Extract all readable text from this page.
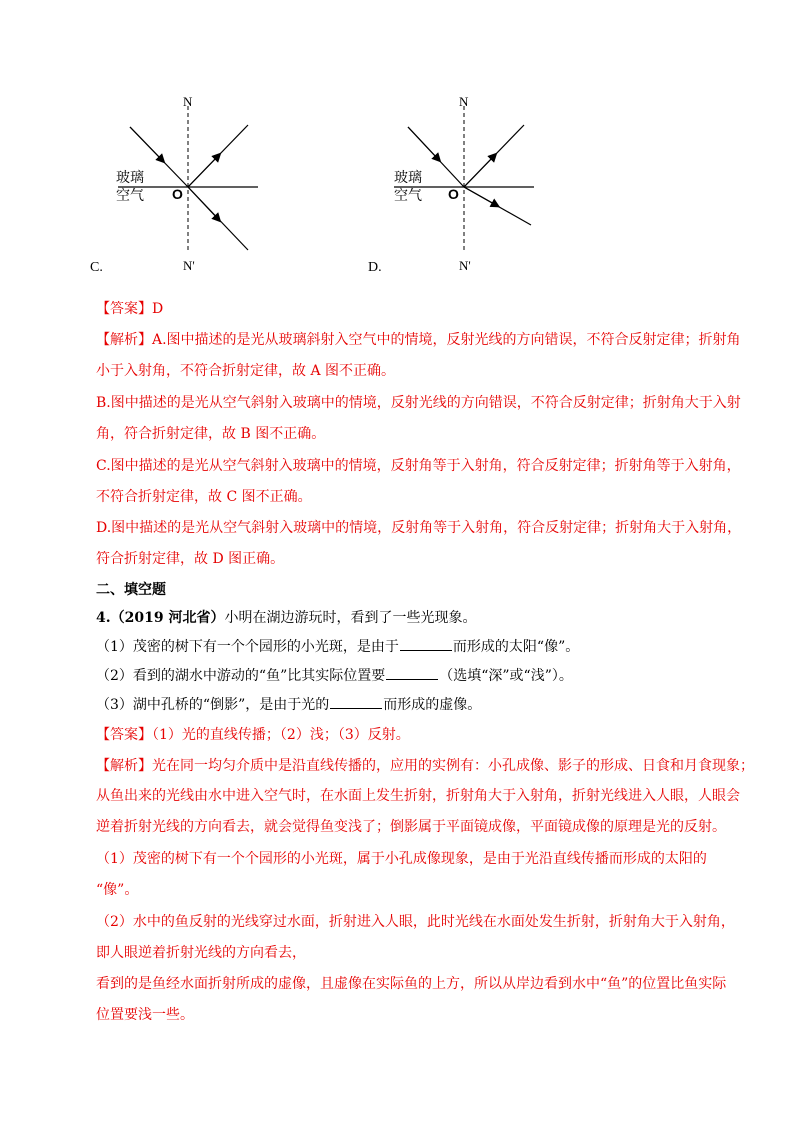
N
N'
玻璃
空气 O
C.
N
N'
玻璃
空气 O
D.
【答案】D
【解析】A.图中描述的是光从玻璃斜射入空气中的情境，反射光线的方向错误，不符合反射定律；折射角
小于入射角，不符合折射定律，故 A 图不正确。
B.图中描述的是光从空气斜射入玻璃中的情境，反射光线的方向错误，不符合反射定律；折射角大于入射
角，符合折射定律，故 B 图不正确。
C.图中描述的是光从空气斜射入玻璃中的情境，反射角等于入射角，符合反射定律；折射角等于入射角，
不符合折射定律，故 C 图不正确。
D.图中描述的是光从空气斜射入玻璃中的情境，反射角等于入射角，符合反射定律；折射角大于入射角，
符合折射定律，故 D 图正确。
二、填空题
4.（2019 河北省）小明在湖边游玩时，看到了一些光现象。
（1）茂密的树下有一个个园形的小光斑，是由于	而形成的太阳“像”。
（2）看到的湖水中游动的“鱼”比其实际位置要	（选填“深”或“浅”）。
（3）湖中孔桥的“倒影”，是由于光的	而形成的虚像。
【答案】（1）光的直线传播；（2）浅；（3）反射。
【解析】光在同一均匀介质中是沿直线传播的，应用的实例有：小孔成像、影子的形成、日食和月食现象；
从鱼出来的光线由水中进入空气时，在水面上发生折射，折射角大于入射角，折射光线进入人眼，人眼会
逆着折射光线的方向看去，就会觉得鱼变浅了；倒影属于平面镜成像，平面镜成像的原理是光的反射。
（1）茂密的树下有一个个园形的小光斑，属于小孔成像现象，是由于光沿直线传播而形成的太阳的
“像”。
（2）水中的鱼反射的光线穿过水面，折射进入人眼，此时光线在水面处发生折射，折射角大于入射角，
即人眼逆着折射光线的方向看去，
看到的是鱼经水面折射所成的虚像，且虚像在实际鱼的上方，所以从岸边看到水中“鱼”的位置比鱼实际
位置要浅一些。
